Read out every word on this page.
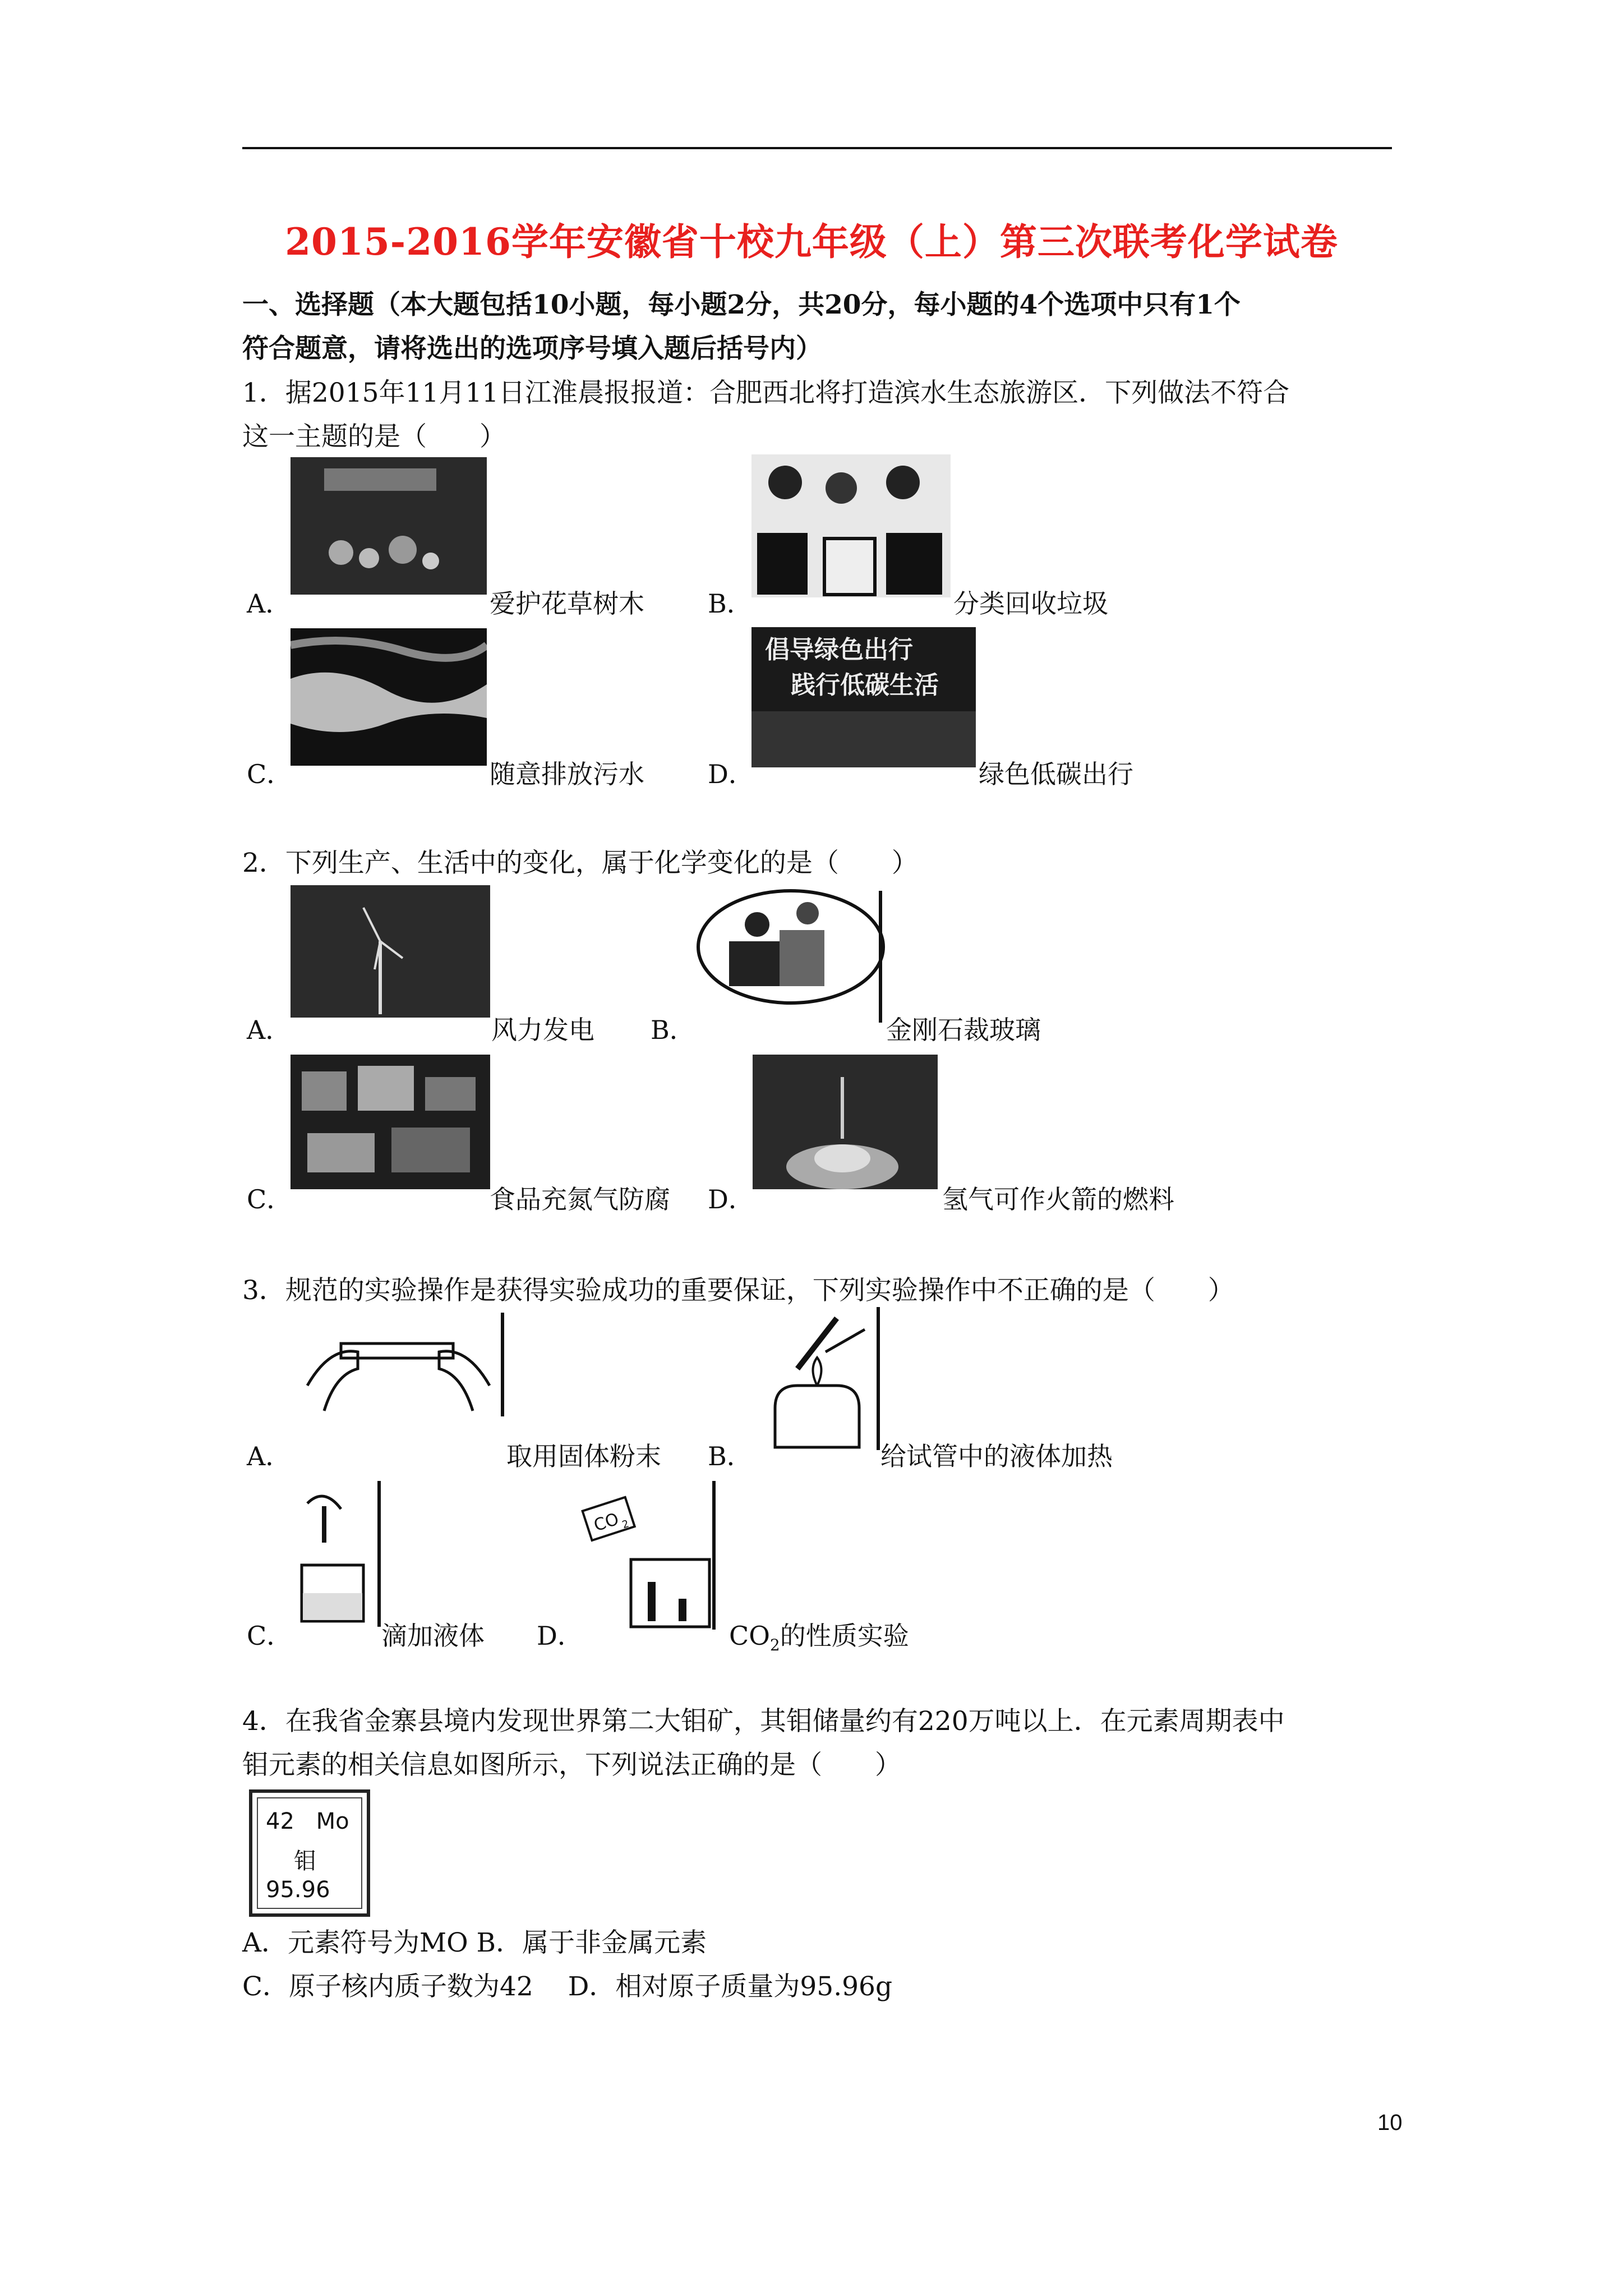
2015-2016学年安徽省十校九年级（上）第三次联考化学试卷
一、选择题（本大题包括10小题，每小题2分，共20分，每小题的4个选项中只有1个
符合题意，请将选出的选项序号填入题后括号内）
1．据2015年11月11日江淮晨报报道：合肥西北将打造滨水生态旅游区．下列做法不符合
这一主题的是（　　）
A．	爱护花草树木 B．	分类回收垃圾
C．	随意排放污水
倡导绿色出行
践行低碳生活
D．	绿色低碳出行
2．下列生产、生活中的变化，属于化学变化的是（　　）
A．	风力发电 B．	金刚石裁玻璃
C．	食品充氮气防腐 D．	氢气可作火箭的燃料
3．规范的实验操作是获得实验成功的重要保证，下列实验操作中不正确的是（　　）
A．	取用固体粉末 B．	给试管中的液体加热
C．	滴加液体
CO
2
D．	$CO_2$的性质实验
4．在我省金寨县境内发现世界第二大钼矿，其钼储量约有220万吨以上．在元素周期表中
钼元素的相关信息如图所示，下列说法正确的是（　　）
42 Mo
钼
95.96
A．元素符号为MO B．属于非金属元素
C．原子核内质子数为42　 D．相对原子质量为95.96g
10
